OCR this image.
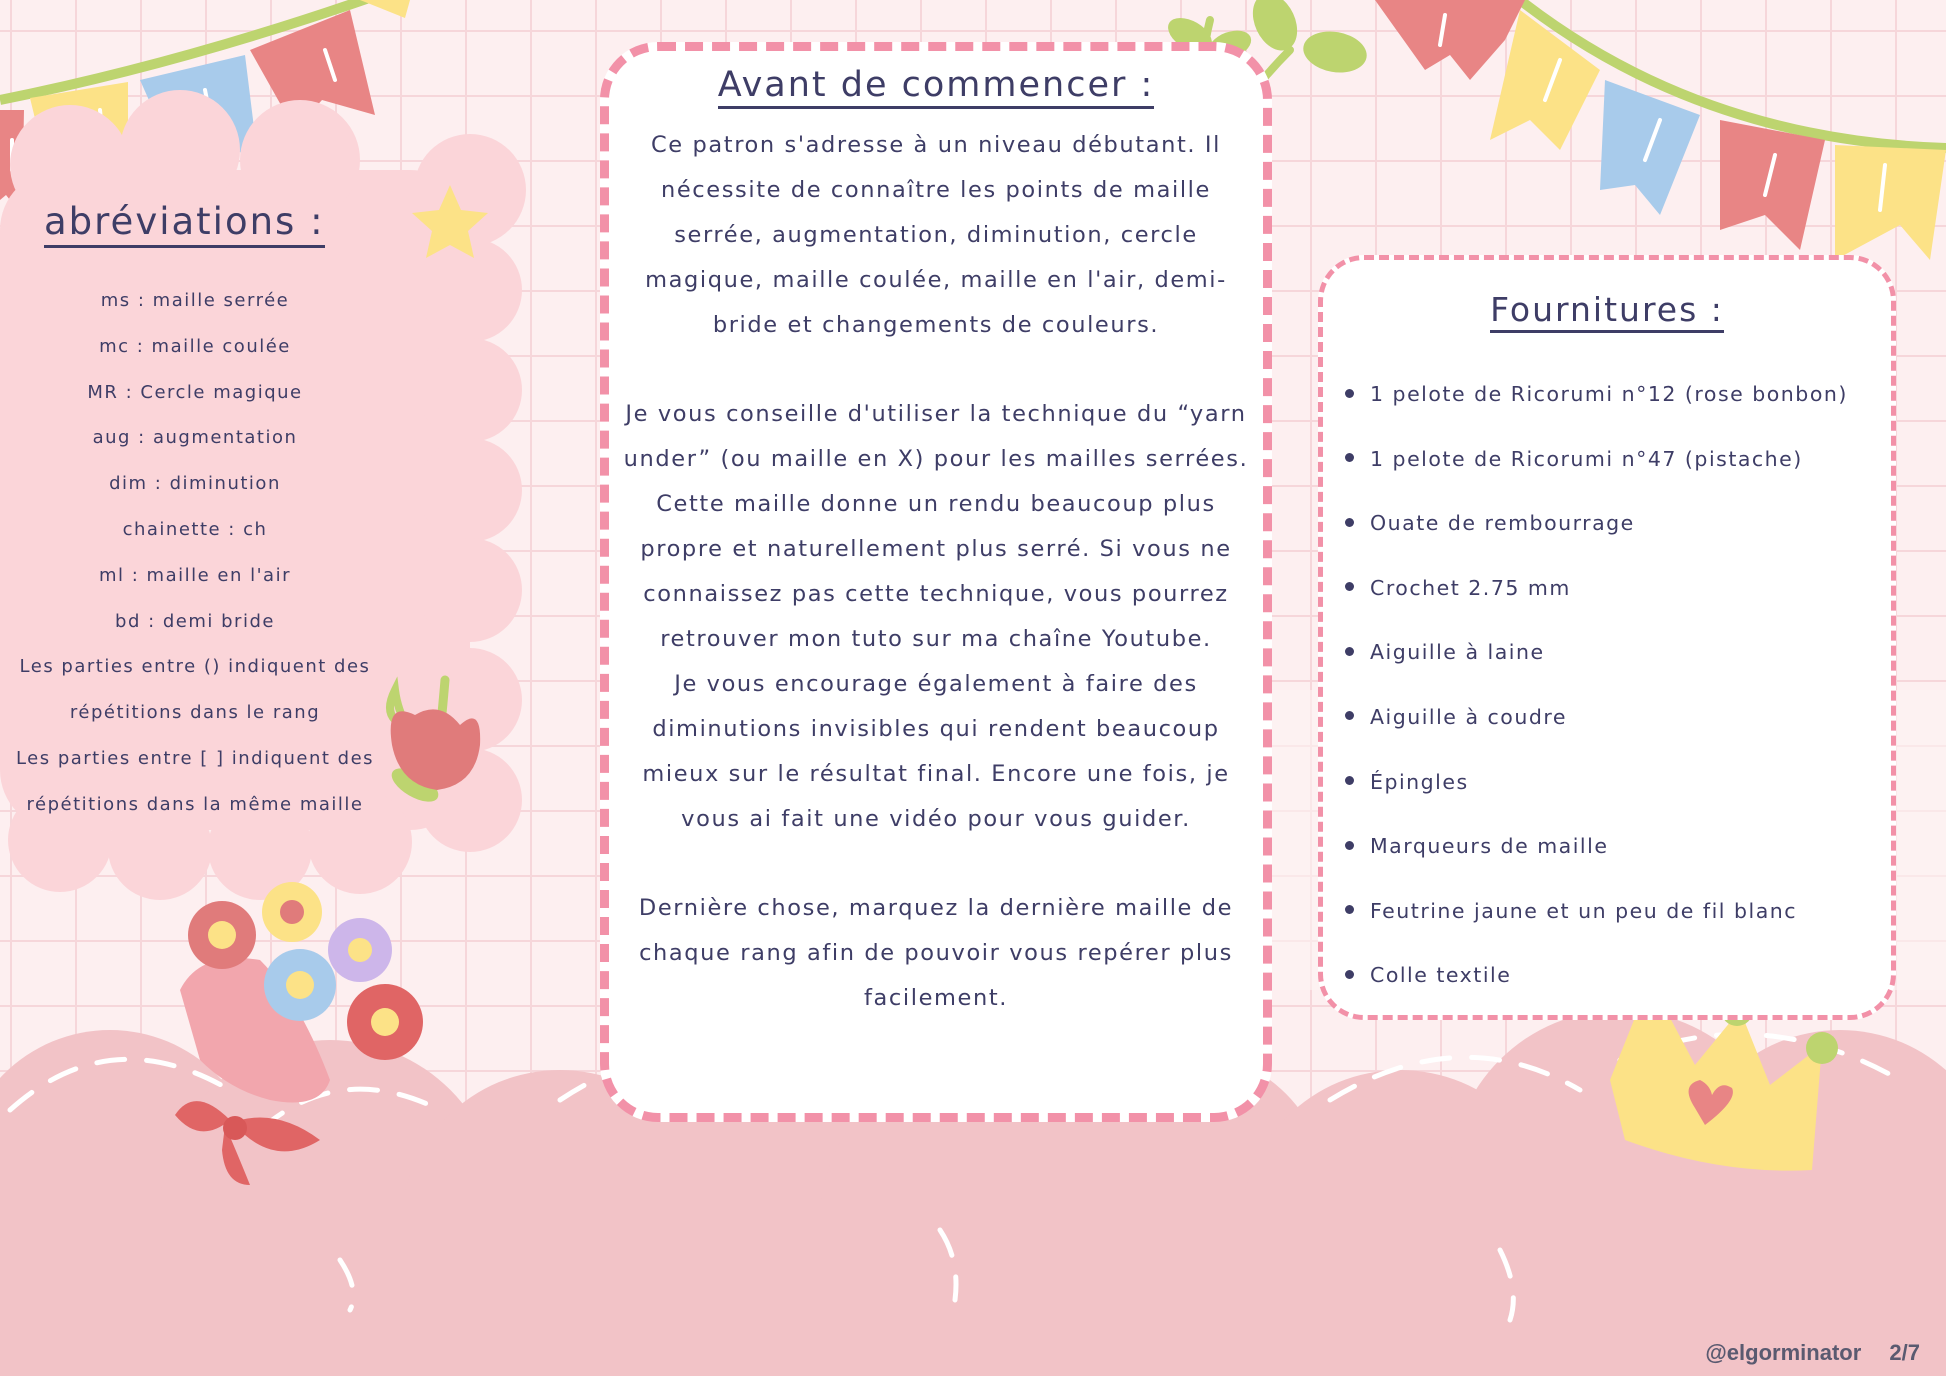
abréviations :
ms : maille serrée
mc : maille coulée
MR : Cercle magique
aug : augmentation
dim : diminution
chainette : ch
ml : maille en l'air
bd : demi bride
Les parties entre () indiquent des
répétitions dans le rang
Les parties entre [ ] indiquent des
répétitions dans la même maille
Avant de commencer :

Ce patron s'adresse à un niveau débutant. Il nécessite de connaître les points de maille serrée, augmentation, diminution, cercle magique, maille coulée, maille en l'air, demi-bride et changements de couleurs.

Je vous conseille d'utiliser la technique du “yarn under” (ou maille en X) pour les mailles serrées. Cette maille donne un rendu beaucoup plus propre et naturellement plus serré. Si vous ne connaissez pas cette technique, vous pourrez retrouver mon tuto sur ma chaîne Youtube.

Je vous encourage également à faire des diminutions invisibles qui rendent beaucoup mieux sur le résultat final. Encore une fois, je vous ai fait une vidéo pour vous guider.

Dernière chose, marquez la dernière maille de chaque rang afin de pouvoir vous repérer plus facilement.

Fournitures :
1 pelote de Ricorumi n°12 (rose bonbon)
1 pelote de Ricorumi n°47 (pistache)
Ouate de rembourrage
Crochet 2.75 mm
Aiguille à laine
Aiguille à coudre
Épingles
Marqueurs de maille
Feutrine jaune et un peu de fil blanc
Colle textile
@elgorminator 2/7
